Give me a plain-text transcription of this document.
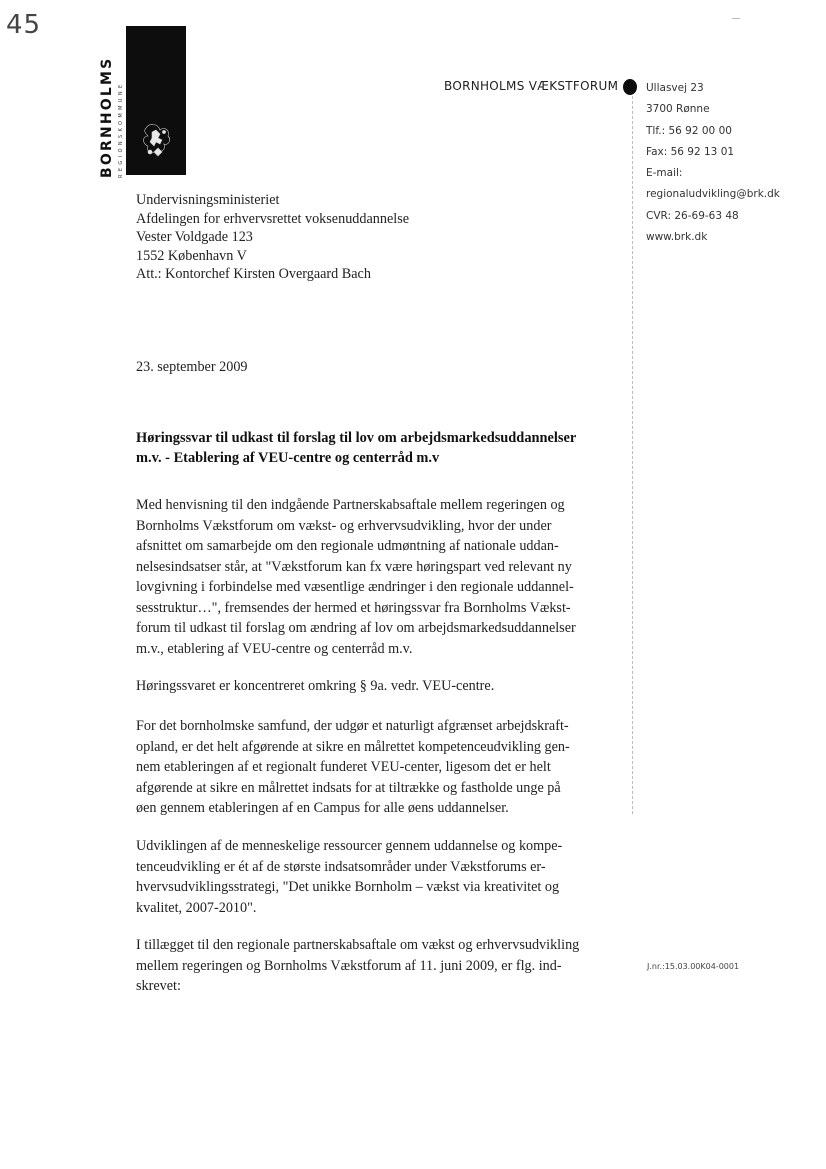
45
BORNHOLMS REGIONSKOMMUNE	BORNHOLMS VÆKSTFORUM	Ullasvej 23
3700 Rønne
Tlf.: 56 92 00 00
Fax: 56 92 13 01
E-mail:
regionaludvikling@brk.dk
CVR: 26-69-63 48
www.brk.dk
Undervisningsministeriet
Afdelingen for erhvervsrettet voksenuddannelse
Vester Voldgade 123
1552 København V
Att.: Kontorchef Kirsten Overgaard Bach
23. september 2009
Høringssvar til udkast til forslag til lov om arbejdsmarkedsuddannelser
m.v. - Etablering af VEU-centre og centerråd m.v
Med henvisning til den indgående Partnerskabsaftale mellem regeringen og
Bornholms Vækstforum om vækst- og erhvervsudvikling, hvor der under
afsnittet om samarbejde om den regionale udmøntning af nationale uddan-
nelsesindsatser står, at "Vækstforum kan fx være høringspart ved relevant ny
lovgivning i forbindelse med væsentlige ændringer i den regionale uddannel-
sesstruktur…", fremsendes der hermed et høringssvar fra Bornholms Vækst-
forum til udkast til forslag om ændring af lov om arbejdsmarkedsuddannelser
m.v., etablering af VEU-centre og centerråd m.v.
Høringssvaret er koncentreret omkring § 9a. vedr. VEU-centre.
For det bornholmske samfund, der udgør et naturligt afgrænset arbejdskraft-
opland, er det helt afgørende at sikre en målrettet kompetenceudvikling gen-
nem etableringen af et regionalt funderet VEU-center, ligesom det er helt
afgørende at sikre en målrettet indsats for at tiltrække og fastholde unge på
øen gennem etableringen af en Campus for alle øens uddannelser.
Udviklingen af de menneskelige ressourcer gennem uddannelse og kompe-
tenceudvikling er ét af de største indsatsområder under Vækstforums er-
hvervsudviklingsstrategi, "Det unikke Bornholm – vækst via kreativitet og
kvalitet, 2007-2010".
I tillægget til den regionale partnerskabsaftale om vækst og erhvervsudvikling
mellem regeringen og Bornholms Vækstforum af 11. juni 2009, er flg. ind-
skrevet:
J.nr.:15.03.00K04-0001
